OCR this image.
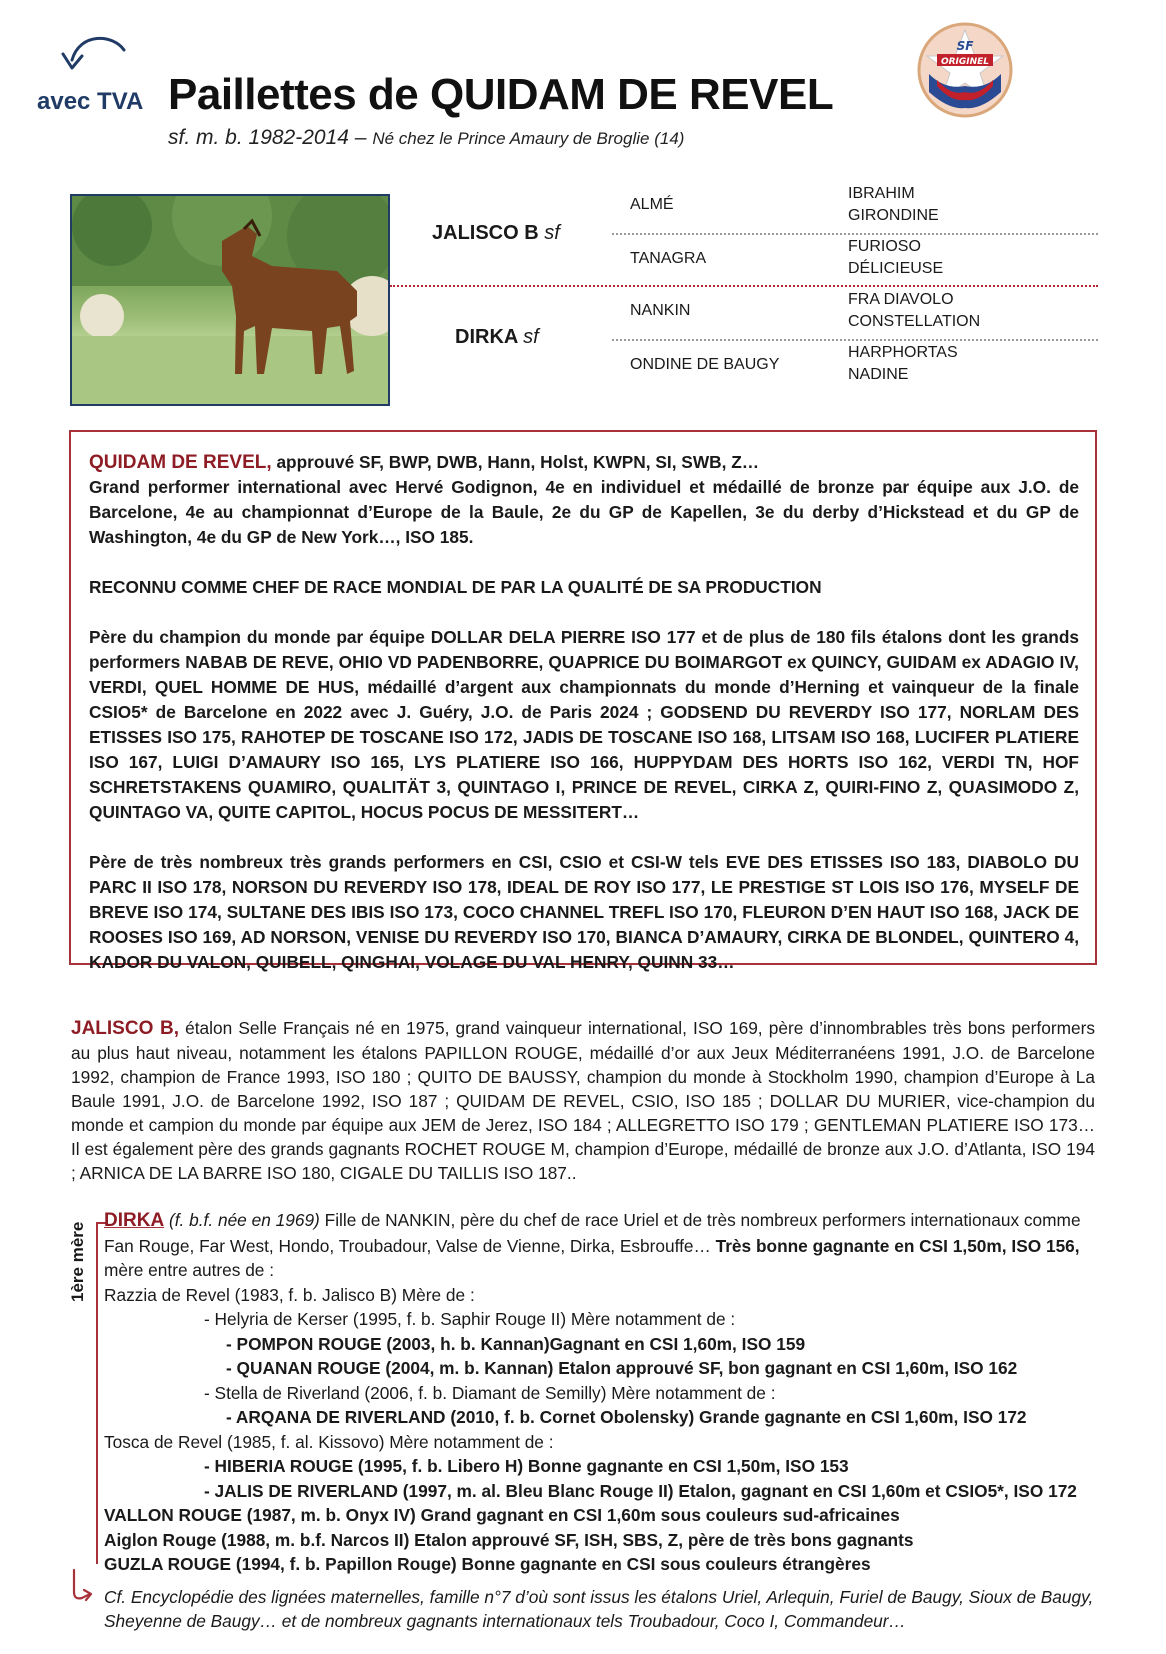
avec TVA Paillettes de QUIDAM DE REVEL
sf. m. b. 1982-2014 – Né chez le Prince Amaury de Broglie (14)
SF
ORIGINEL
JALISCO B sf
DIRKA sf
ALMÉ
TANAGRA
NANKIN
ONDINE DE BAUGY
IBRAHIM
GIRONDINE
FURIOSO
DÉLICIEUSE
FRA DIAVOLO
CONSTELLATION
HARPHORTAS
NADINE

QUIDAM DE REVEL, approuvé SF, BWP, DWB, Hann, Holst, KWPN, SI, SWB, Z…
Grand performer international avec Hervé Godignon, 4e en individuel et médaillé de bronze par équipe aux J.O. de Barcelone, 4e au championnat d’Europe de la Baule, 2e du GP de Kapellen, 3e du derby d’Hickstead et du GP de Washington, 4e du GP de New York…, ISO 185.

RECONNU COMME CHEF DE RACE MONDIAL DE PAR LA QUALITÉ DE SA PRODUCTION

Père du champion du monde par équipe DOLLAR DELA PIERRE ISO 177 et de plus de 180 fils étalons dont les grands performers NABAB DE REVE, OHIO VD PADENBORRE, QUAPRICE DU BOIMARGOT ex QUINCY, GUIDAM ex ADAGIO IV, VERDI, QUEL HOMME DE HUS, médaillé d’argent aux championnats du monde d’Herning et vainqueur de la finale CSIO5* de Barcelone en 2022 avec J. Guéry, J.O. de Paris 2024 ; GODSEND DU REVERDY ISO 177, NORLAM DES ETISSES ISO 175, RAHOTEP DE TOSCANE ISO 172, JADIS DE TOSCANE ISO 168, LITSAM ISO 168, LUCIFER PLATIERE ISO 167, LUIGI D’AMAURY ISO 165, LYS PLATIERE ISO 166, HUPPYDAM DES HORTS ISO 162, VERDI TN, HOF SCHRETSTAKENS QUAMIRO, QUALITÄT 3, QUINTAGO I, PRINCE DE REVEL, CIRKA Z, QUIRI-FINO Z, QUASIMODO Z, QUINTAGO VA, QUITE CAPITOL, HOCUS POCUS DE MESSITERT…

Père de très nombreux très grands performers en CSI, CSIO et CSI-W tels EVE DES ETISSES ISO 183, DIABOLO DU PARC II ISO 178, NORSON DU REVERDY ISO 178, IDEAL DE ROY ISO 177, LE PRESTIGE ST LOIS ISO 176, MYSELF DE BREVE ISO 174, SULTANE DES IBIS ISO 173, COCO CHANNEL TREFL ISO 170, FLEURON D’EN HAUT ISO 168, JACK DE ROOSES ISO 169, AD NORSON, VENISE DU REVERDY ISO 170, BIANCA D’AMAURY, CIRKA DE BLONDEL, QUINTERO 4, KADOR DU VALON, QUIBELL, QINGHAI, VOLAGE DU VAL HENRY, QUINN 33…

JALISCO B, étalon Selle Français né en 1975, grand vainqueur international, ISO 169, père d’innombrables très bons performers au plus haut niveau, notamment les étalons PAPILLON ROUGE, médaillé d’or aux Jeux Méditerranéens 1991, J.O. de Barcelone 1992, champion de France 1993, ISO 180 ; QUITO DE BAUSSY, champion du monde à Stockholm 1990, champion d’Europe à La Baule 1991, J.O. de Barcelone 1992, ISO 187 ; QUIDAM DE REVEL, CSIO, ISO 185 ; DOLLAR DU MURIER, vice-champion du monde et campion du monde par équipe aux JEM de Jerez, ISO 184 ; ALLEGRETTO ISO 179 ; GENTLEMAN PLATIERE ISO 173… Il est également père des grands gagnants ROCHET ROUGE M, champion d’Europe, médaillé de bronze aux J.O. d’Atlanta, ISO 194 ; ARNICA DE LA BARRE ISO 180, CIGALE DU TAILLIS ISO 187..
1ère mère
DIRKA (f. b.f. née en 1969) Fille de NANKIN, père du chef de race Uriel et de très nombreux performers internationaux comme Fan Rouge, Far West, Hondo, Troubadour, Valse de Vienne, Dirka, Esbrouffe… Très bonne gagnante en CSI 1,50m, ISO 156, mère entre autres de :
Razzia de Revel (1983, f. b. Jalisco B) Mère de :
- Helyria de Kerser (1995, f. b. Saphir Rouge II) Mère notamment de :
- POMPON ROUGE (2003, h. b. Kannan)Gagnant en CSI 1,60m, ISO 159
- QUANAN ROUGE (2004, m. b. Kannan) Etalon approuvé SF, bon gagnant en CSI 1,60m, ISO 162
- Stella de Riverland (2006, f. b. Diamant de Semilly) Mère notamment de :
- ARQANA DE RIVERLAND (2010, f. b. Cornet Obolensky) Grande gagnante en CSI 1,60m, ISO 172
Tosca de Revel (1985, f. al. Kissovo) Mère notamment de :
- HIBERIA ROUGE (1995, f. b. Libero H) Bonne gagnante en CSI 1,50m, ISO 153
- JALIS DE RIVERLAND (1997, m. al. Bleu Blanc Rouge II) Etalon, gagnant en CSI 1,60m et CSIO5*, ISO 172
VALLON ROUGE (1987, m. b. Onyx IV) Grand gagnant en CSI 1,60m sous couleurs sud-africaines
Aiglon Rouge (1988, m. b.f. Narcos II) Etalon approuvé SF, ISH, SBS, Z, père de très bons gagnants
GUZLA ROUGE (1994, f. b. Papillon Rouge) Bonne gagnante en CSI sous couleurs étrangères
Cf. Encyclopédie des lignées maternelles, famille n°7 d’où sont issus les étalons Uriel, Arlequin, Furiel de Baugy, Sioux de Baugy, Sheyenne de Baugy… et de nombreux gagnants internationaux tels Troubadour, Coco I, Commandeur…
